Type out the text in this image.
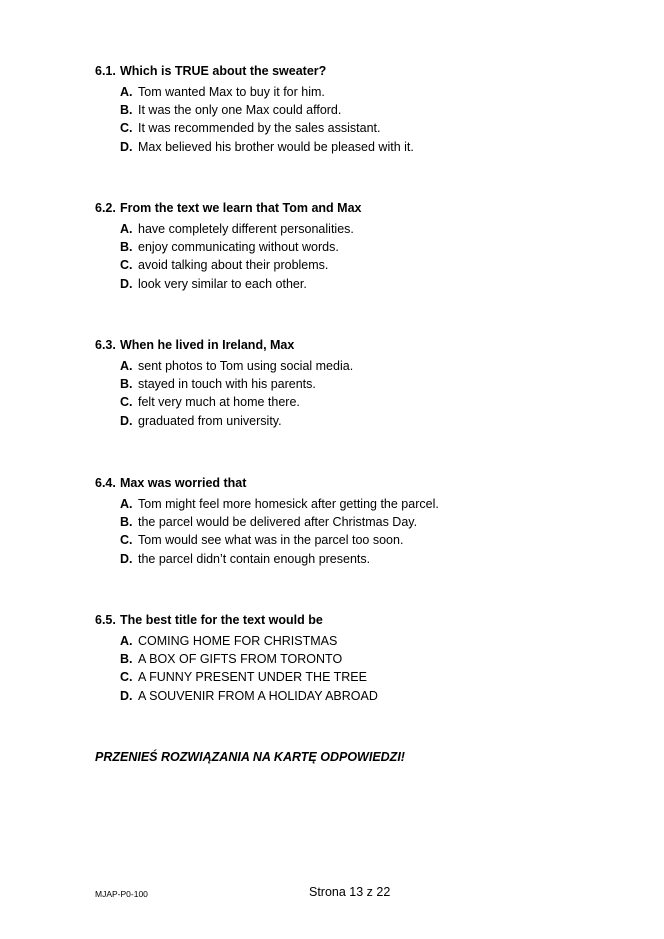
6.1. Which is TRUE about the sweater?
A. Tom wanted Max to buy it for him.
B. It was the only one Max could afford.
C. It was recommended by the sales assistant.
D. Max believed his brother would be pleased with it.
6.2. From the text we learn that Tom and Max
A. have completely different personalities.
B. enjoy communicating without words.
C. avoid talking about their problems.
D. look very similar to each other.
6.3. When he lived in Ireland, Max
A. sent photos to Tom using social media.
B. stayed in touch with his parents.
C. felt very much at home there.
D. graduated from university.
6.4. Max was worried that
A. Tom might feel more homesick after getting the parcel.
B. the parcel would be delivered after Christmas Day.
C. Tom would see what was in the parcel too soon.
D. the parcel didn’t contain enough presents.
6.5. The best title for the text would be
A. COMING HOME FOR CHRISTMAS
B. A BOX OF GIFTS FROM TORONTO
C. A FUNNY PRESENT UNDER THE TREE
D. A SOUVENIR FROM A HOLIDAY ABROAD
PRZENIEŚ ROZWIĄZANIA NA KARTĘ ODPOWIEDZI!
MJAP-P0-100	Strona 13 z 22
